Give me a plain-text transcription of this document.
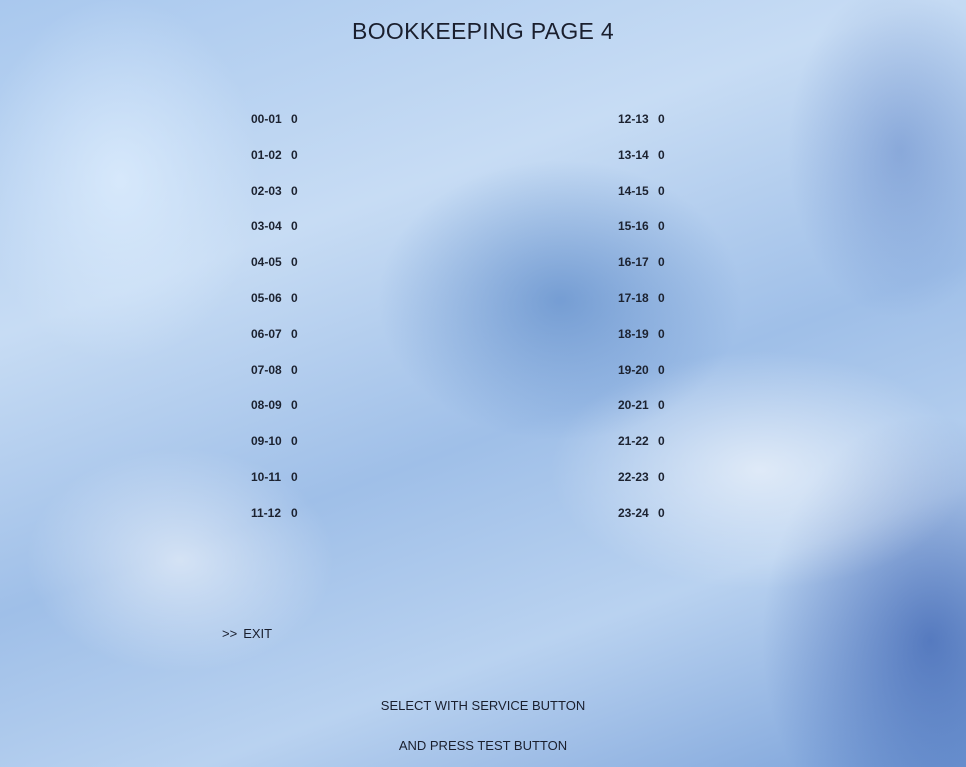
BOOKKEEPING PAGE 4
00-01 0
01-02 0
02-03 0
03-04 0
04-05 0
05-06 0
06-07 0
07-08 0
08-09 0
09-10 0
10-11 0
11-12 0
12-13 0
13-14 0
14-15 0
15-16 0
16-17 0
17-18 0
18-19 0
19-20 0
20-21 0
21-22 0
22-23 0
23-24 0
>> EXIT
SELECT WITH SERVICE BUTTON
AND PRESS TEST BUTTON
